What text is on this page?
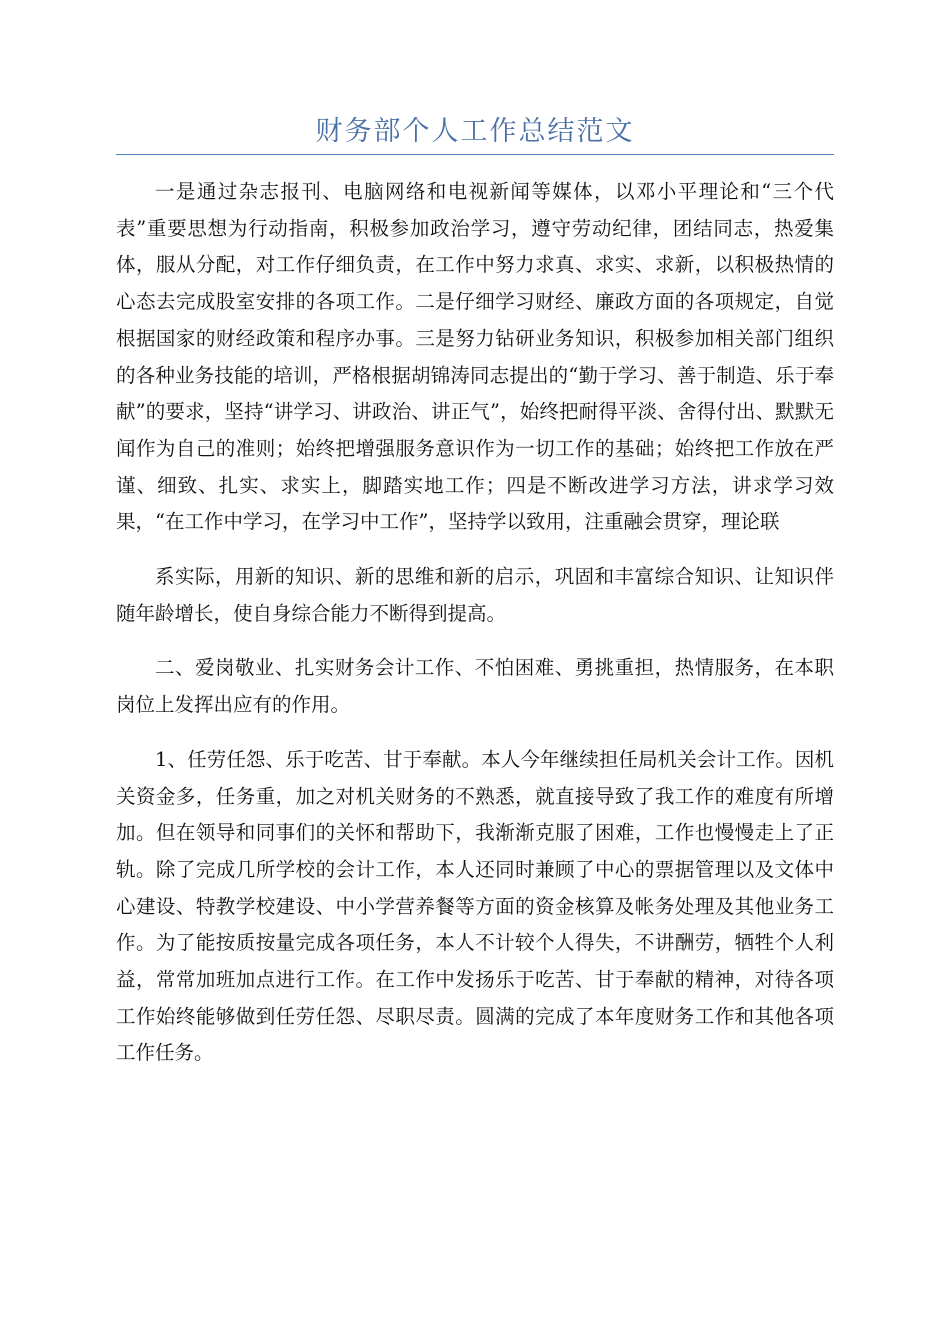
财务部个人工作总结范文

一是通过杂志报刊、电脑网络和电视新闻等媒体，以邓小平理论和“三个代表”重要思想为行动指南，积极参加政治学习，遵守劳动纪律，团结同志，热爱集体，服从分配，对工作仔细负责，在工作中努力求真、求实、求新，以积极热情的心态去完成股室安排的各项工作。二是仔细学习财经、廉政方面的各项规定，自觉根据国家的财经政策和程序办事。三是努力钻研业务知识，积极参加相关部门组织的各种业务技能的培训，严格根据胡锦涛同志提出的“勤于学习、善于制造、乐于奉献”的要求，坚持“讲学习、讲政治、讲正气”，始终把耐得平淡、舍得付出、默默无闻作为自己的准则；始终把增强服务意识作为一切工作的基础；始终把工作放在严谨、细致、扎实、求实上，脚踏实地工作；四是不断改进学习方法，讲求学习效果，“在工作中学习，在学习中工作”，坚持学以致用，注重融会贯穿，理论联

系实际，用新的知识、新的思维和新的启示，巩固和丰富综合知识、让知识伴随年龄增长，使自身综合能力不断得到提高。

二、爱岗敬业、扎实财务会计工作、不怕困难、勇挑重担，热情服务，在本职岗位上发挥出应有的作用。

1、任劳任怨、乐于吃苦、甘于奉献。本人今年继续担任局机关会计工作。因机关资金多，任务重，加之对机关财务的不熟悉，就直接导致了我工作的难度有所增加。但在领导和同事们的关怀和帮助下，我渐渐克服了困难，工作也慢慢走上了正轨。除了完成几所学校的会计工作，本人还同时兼顾了中心的票据管理以及文体中心建设、特教学校建设、中小学营养餐等方面的资金核算及帐务处理及其他业务工作。为了能按质按量完成各项任务，本人不计较个人得失，不讲酬劳，牺牲个人利益，常常加班加点进行工作。在工作中发扬乐于吃苦、甘于奉献的精神，对待各项工作始终能够做到任劳任怨、尽职尽责。圆满的完成了本年度财务工作和其他各项工作任务。
